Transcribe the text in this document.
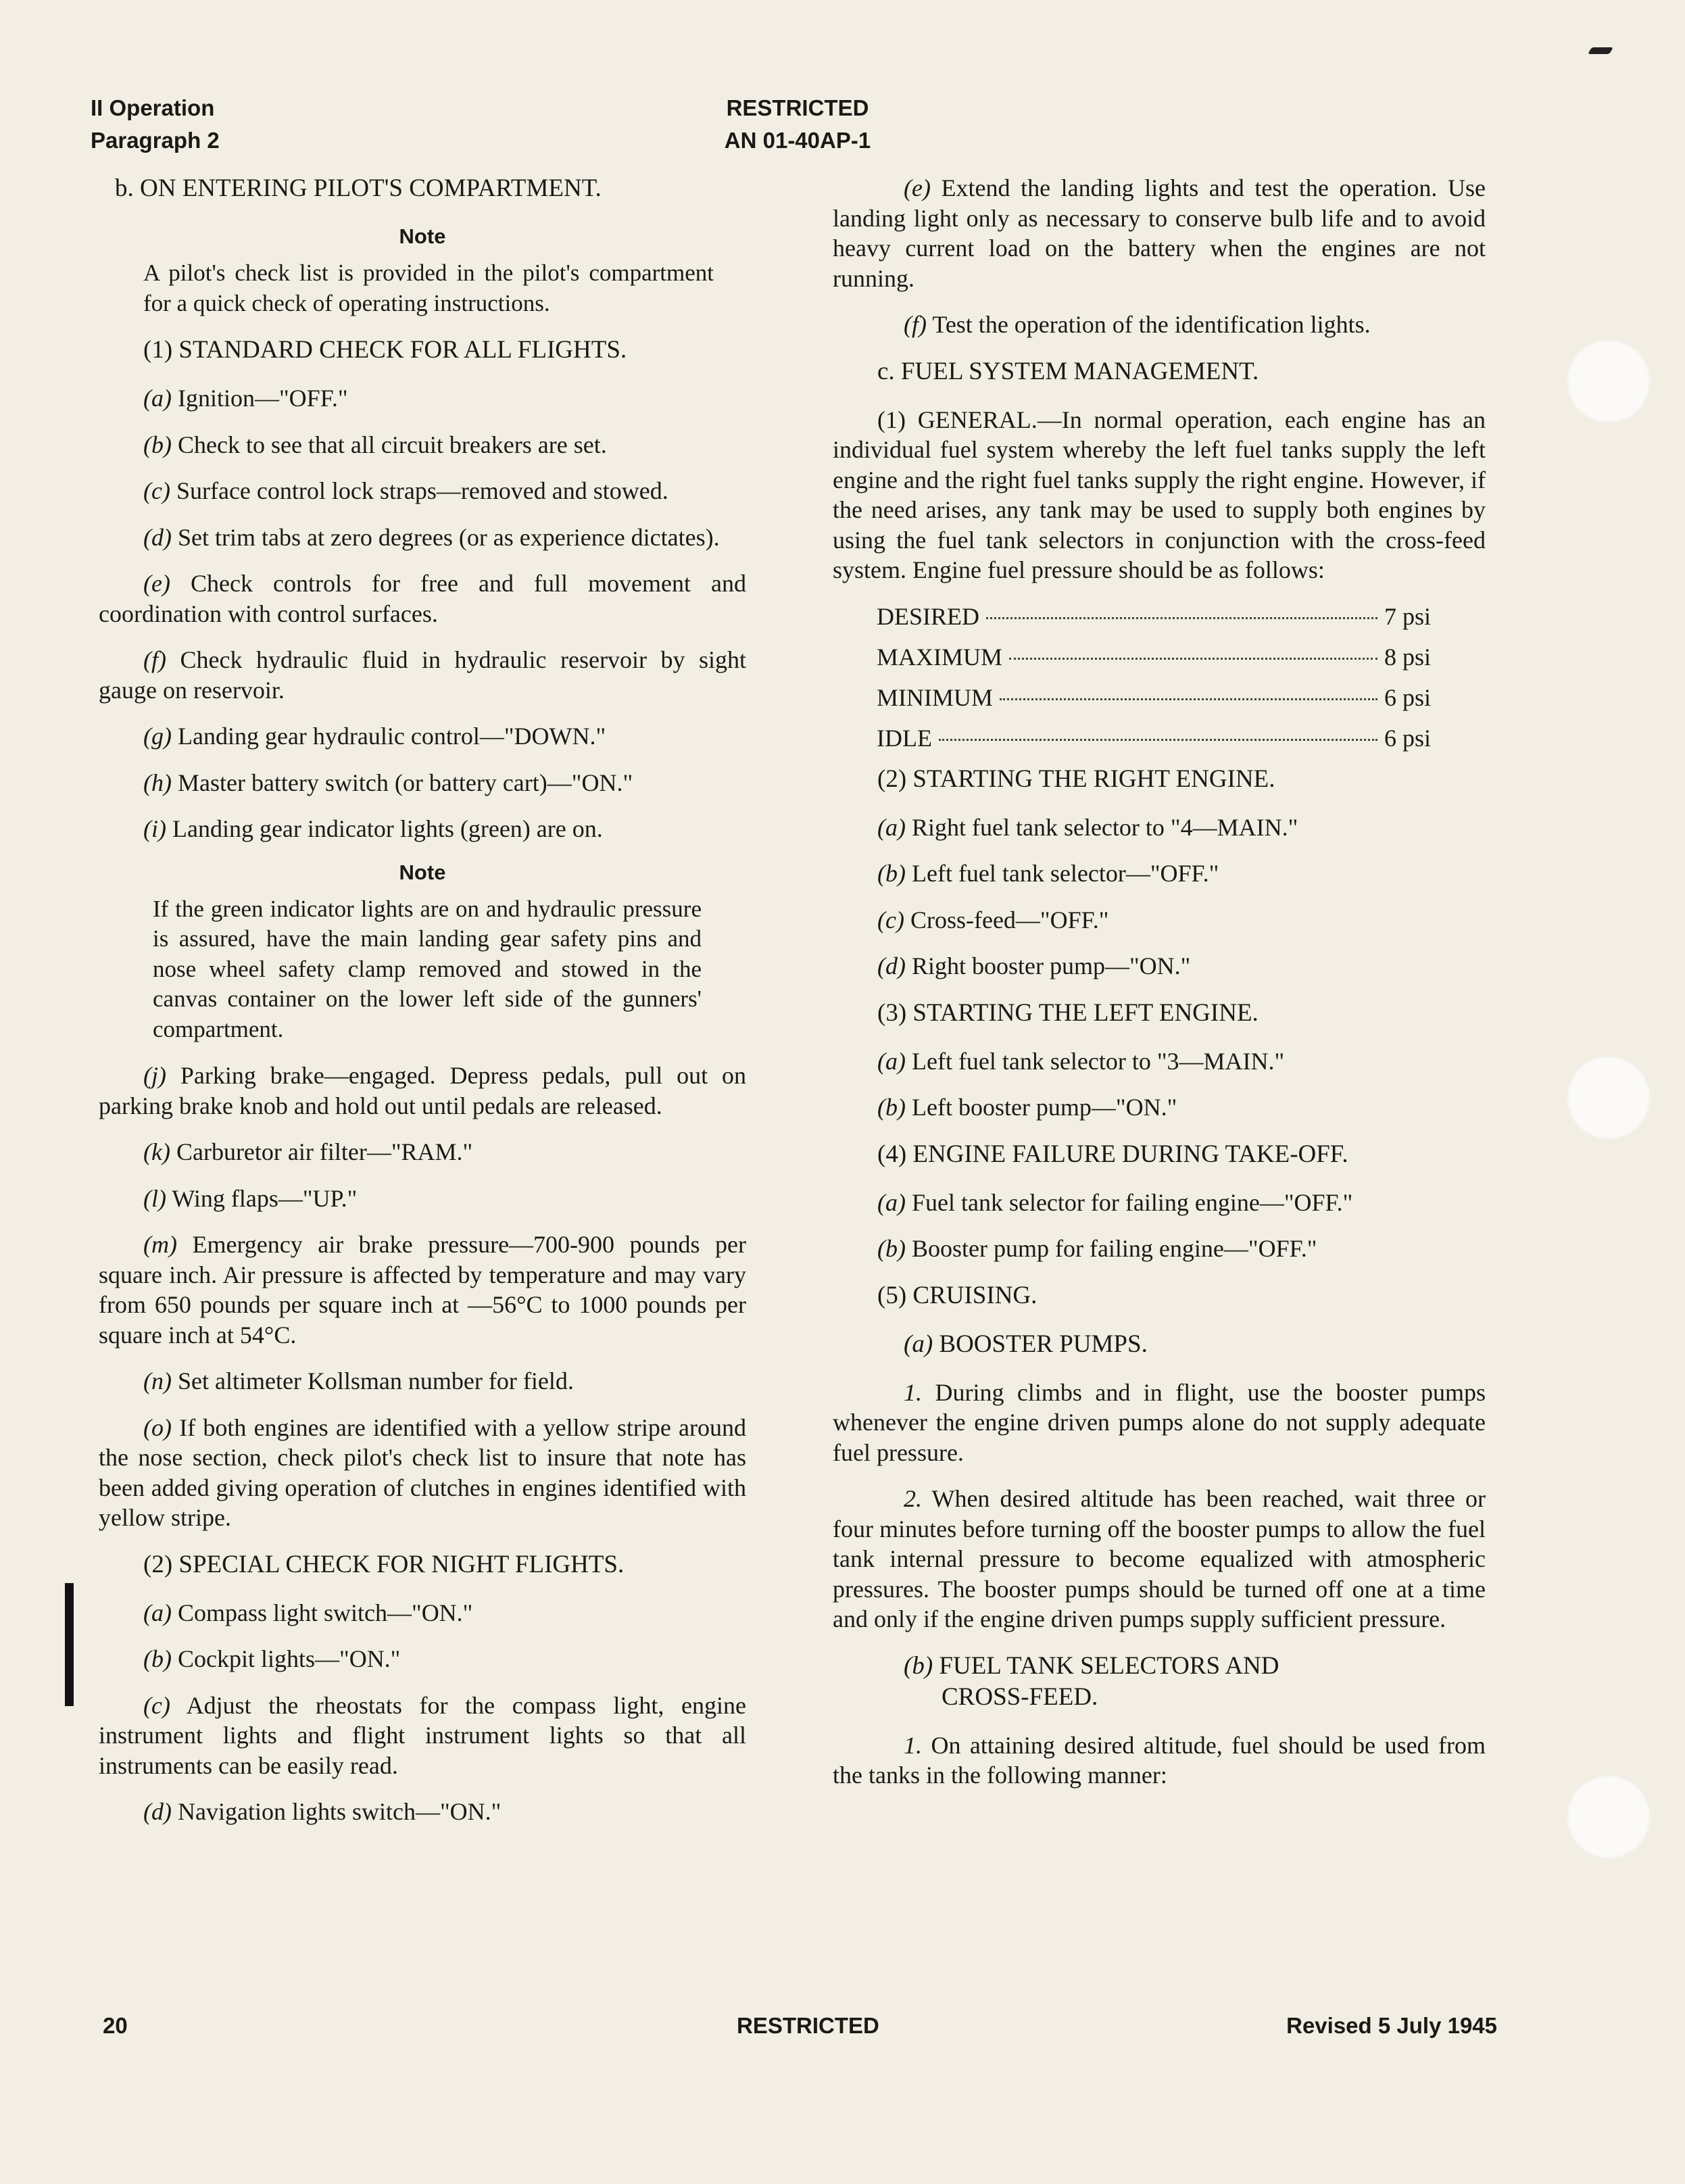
II Operation
Paragraph 2
RESTRICTED
AN 01-40AP-1
b. ON ENTERING PILOT'S COMPARTMENT.
Note
A pilot's check list is provided in the pilot's compartment for a quick check of operating instructions.
(1) STANDARD CHECK FOR ALL FLIGHTS.
(a) Ignition—"OFF."
(b) Check to see that all circuit breakers are set.
(c) Surface control lock straps—removed and stowed.
(d) Set trim tabs at zero degrees (or as experience dictates).
(e) Check controls for free and full movement and coordination with control surfaces.
(f) Check hydraulic fluid in hydraulic reservoir by sight gauge on reservoir.
(g) Landing gear hydraulic control—"DOWN."
(h) Master battery switch (or battery cart)—"ON."
(i) Landing gear indicator lights (green) are on.
Note
If the green indicator lights are on and hydraulic pressure is assured, have the main landing gear safety pins and nose wheel safety clamp removed and stowed in the canvas container on the lower left side of the gunners' compartment.
(j) Parking brake—engaged. Depress pedals, pull out on parking brake knob and hold out until pedals are released.
(k) Carburetor air filter—"RAM."
(l) Wing flaps—"UP."
(m) Emergency air brake pressure—700-900 pounds per square inch. Air pressure is affected by temperature and may vary from 650 pounds per square inch at —56°C to 1000 pounds per square inch at 54°C.
(n) Set altimeter Kollsman number for field.
(o) If both engines are identified with a yellow stripe around the nose section, check pilot's check list to insure that note has been added giving operation of clutches in engines identified with yellow stripe.
(2) SPECIAL CHECK FOR NIGHT FLIGHTS.
(a) Compass light switch—"ON."
(b) Cockpit lights—"ON."
(c) Adjust the rheostats for the compass light, engine instrument lights and flight instrument lights so that all instruments can be easily read.
(d) Navigation lights switch—"ON."
(e) Extend the landing lights and test the operation. Use landing light only as necessary to conserve bulb life and to avoid heavy current load on the battery when the engines are not running.
(f) Test the operation of the identification lights.
c. FUEL SYSTEM MANAGEMENT.
(1) GENERAL.—In normal operation, each engine has an individual fuel system whereby the left fuel tanks supply the left engine and the right fuel tanks supply the right engine. However, if the need arises, any tank may be used to supply both engines by using the fuel tank selectors in conjunction with the cross-feed system. Engine fuel pressure should be as follows:
DESIRED	7 psi
MAXIMUM	8 psi
MINIMUM	6 psi
IDLE	6 psi
(2) STARTING THE RIGHT ENGINE.
(a) Right fuel tank selector to "4—MAIN."
(b) Left fuel tank selector—"OFF."
(c) Cross-feed—"OFF."
(d) Right booster pump—"ON."
(3) STARTING THE LEFT ENGINE.
(a) Left fuel tank selector to "3—MAIN."
(b) Left booster pump—"ON."
(4) ENGINE FAILURE DURING TAKE-OFF.
(a) Fuel tank selector for failing engine—"OFF."
(b) Booster pump for failing engine—"OFF."
(5) CRUISING.
(a) BOOSTER PUMPS.
1. During climbs and in flight, use the booster pumps whenever the engine driven pumps alone do not supply adequate fuel pressure.
2. When desired altitude has been reached, wait three or four minutes before turning off the booster pumps to allow the fuel tank internal pressure to become equalized with atmospheric pressures. The booster pumps should be turned off one at a time and only if the engine driven pumps supply sufficient pressure.
(b) FUEL TANK SELECTORS AND
CROSS-FEED.
1. On attaining desired altitude, fuel should be used from the tanks in the following manner:
20	RESTRICTED	Revised 5 July 1945
